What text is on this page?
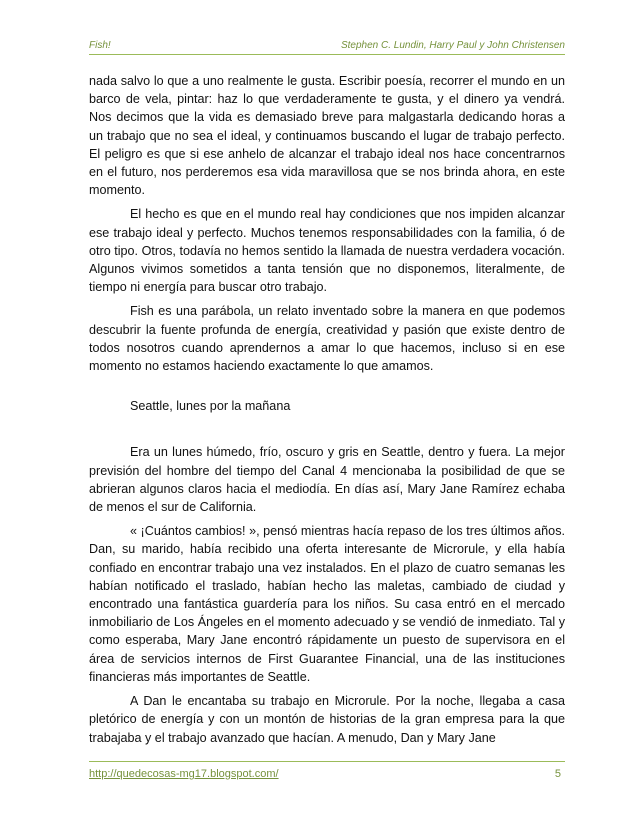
Fish!	Stephen C. Lundin, Harry Paul y John Christensen

nada salvo lo que a uno realmente le gusta. Escribir poesía, recorrer el mundo en un barco de vela, pintar: haz lo que verdaderamente te gusta, y el dinero ya vendrá. Nos decimos que la vida es demasiado breve para malgastarla dedicando horas a un trabajo que no sea el ideal, y continuamos buscando el lugar de trabajo perfecto. El peligro es que si ese anhelo de alcanzar el trabajo ideal nos hace concentrarnos en el futuro, nos perderemos esa vida maravillosa que se nos brinda ahora, en este momento.

El hecho es que en el mundo real hay condiciones que nos impiden alcanzar ese trabajo ideal y perfecto. Muchos tenemos responsabilidades con la familia, ó de otro tipo. Otros, todavía no hemos sentido la llamada de nuestra verdadera vocación. Algunos vivimos sometidos a tanta tensión que no disponemos, literalmente, de tiempo ni energía para buscar otro trabajo.

Fish es una parábola, un relato inventado sobre la manera en que podemos descubrir la fuente profunda de energía, creatividad y pasión que existe dentro de todos nosotros cuando aprendernos a amar lo que hacemos, incluso si en ese momento no estamos haciendo exactamente lo que amamos.

Seattle, lunes por la mañana

Era un lunes húmedo, frío, oscuro y gris en Seattle, dentro y fuera. La mejor previsión del hombre del tiempo del Canal 4 mencionaba la posibilidad de que se abrieran algunos claros hacia el mediodía. En días así, Mary Jane Ramírez echaba de menos el sur de California.

« ¡Cuántos cambios! », pensó mientras hacía repaso de los tres últimos años. Dan, su marido, había recibido una oferta interesante de Microrule, y ella había confiado en encontrar trabajo una vez instalados. En el plazo de cuatro semanas les habían notificado el traslado, habían hecho las maletas, cambiado de ciudad y encontrado una fantástica guardería para los niños. Su casa entró en el mercado inmobiliario de Los Ángeles en el momento adecuado y se vendió de inmediato. Tal y como esperaba, Mary Jane encontró rápidamente un puesto de supervisora en el área de servicios internos de First Guarantee Financial, una de las instituciones financieras más importantes de Seattle.

A Dan le encantaba su trabajo en Microrule. Por la noche, llegaba a casa pletórico de energía y con un montón de historias de la gran empresa para la que trabajaba y el trabajo avanzado que hacían. A menudo, Dan y Mary Jane

http://quedecosas-mg17.blogspot.com/	5
